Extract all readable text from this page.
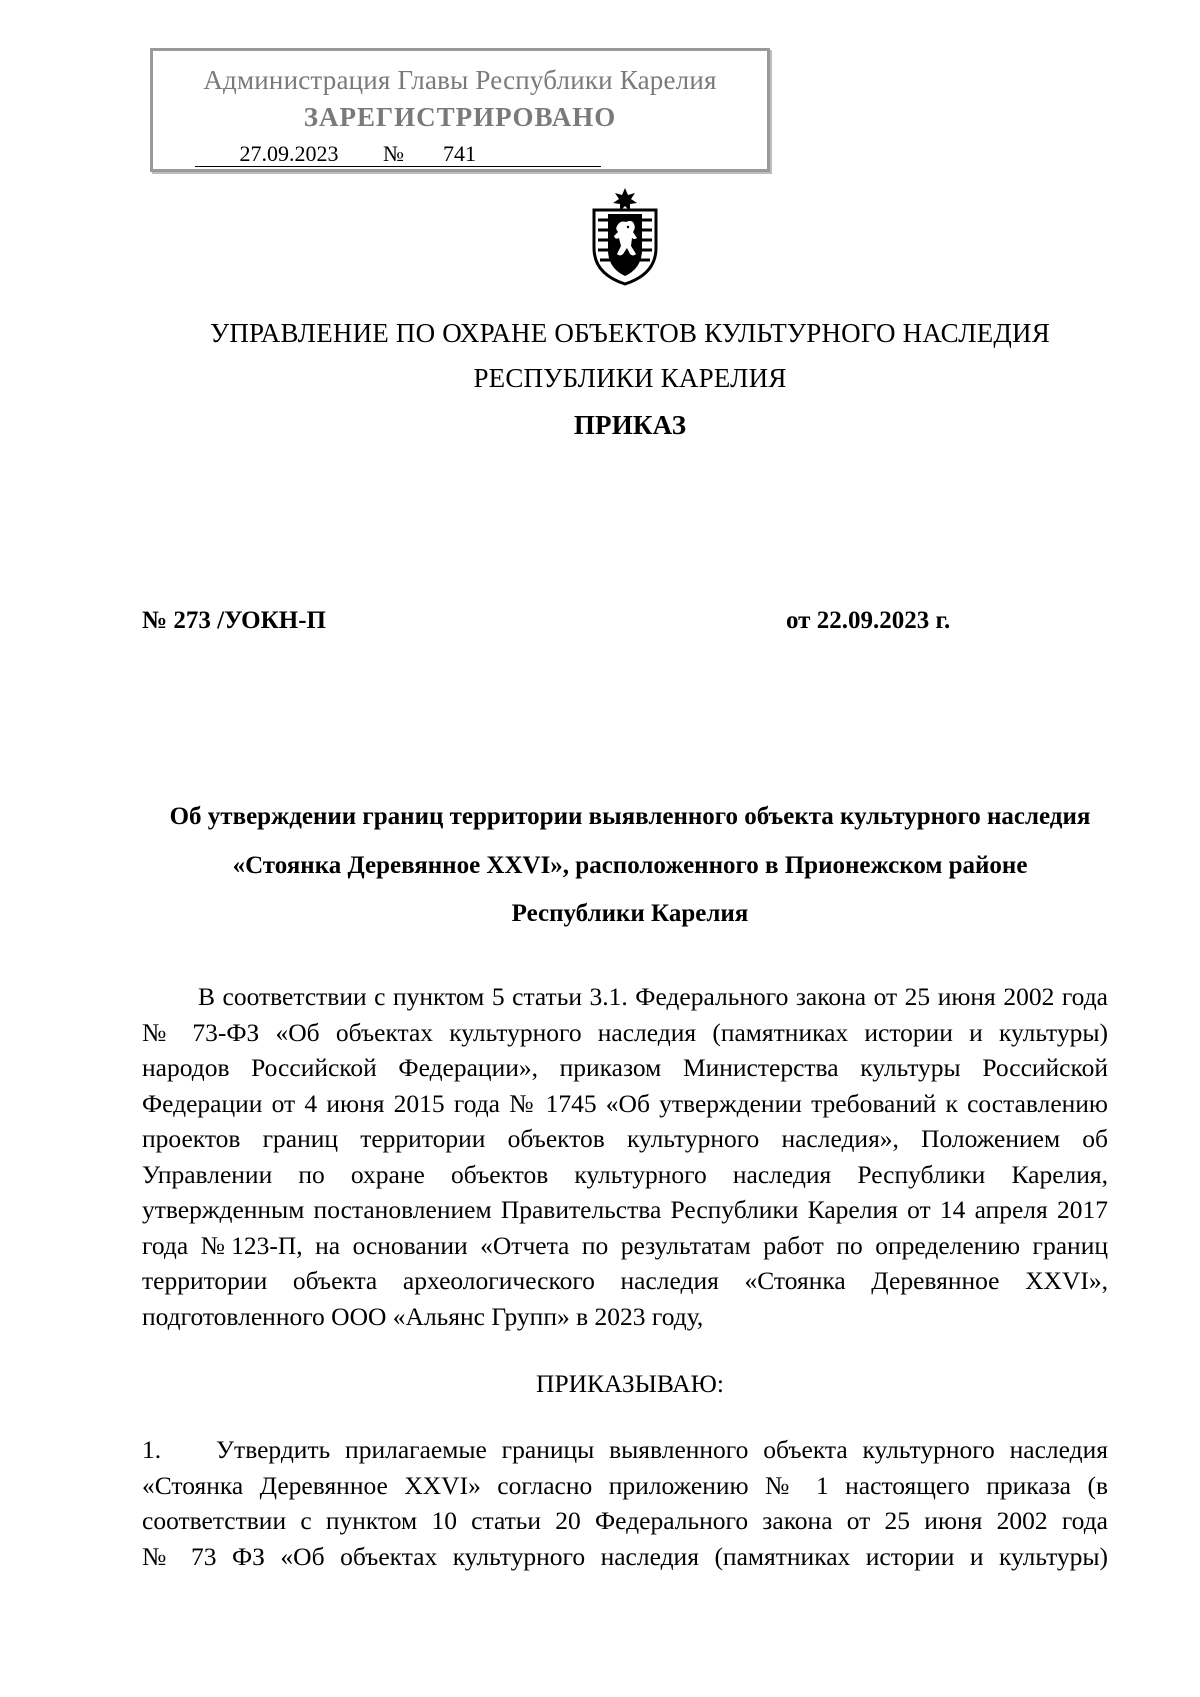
Администрация Главы Республики Карелия
ЗАРЕГИСТРИРОВАНО
27.09.2023 № 741
УПРАВЛЕНИЕ ПО ОХРАНЕ ОБЪЕКТОВ КУЛЬТУРНОГО НАСЛЕДИЯ
РЕСПУБЛИКИ КАРЕЛИЯ
ПРИКАЗ
№ 273 /УОКН-П	от 22.09.2023 г.
Об утверждении границ территории выявленного объекта культурного наследия
«Стоянка Деревянное XXVI», расположенного в Прионежском районе
Республики Карелия
В соответствии с пунктом 5 статьи 3.1. Федерального закона от 25 июня 2002 года
№ 73-ФЗ «Об объектах культурного наследия (памятниках истории и культуры)
народов Российской Федерации», приказом Министерства культуры Российской
Федерации от 4 июня 2015 года № 1745 «Об утверждении требований к составлению
проектов границ территории объектов культурного наследия», Положением об
Управлении по охране объектов культурного наследия Республики Карелия,
утвержденным постановлением Правительства Республики Карелия от 14 апреля 2017
года №123-П, на основании «Отчета по результатам работ по определению границ
территории объекта археологического наследия «Стоянка Деревянное XXVI»,
подготовленного ООО «Альянс Групп» в 2023 году,
ПРИКАЗЫВАЮ:
1. Утвердить прилагаемые границы выявленного объекта культурного наследия
«Стоянка Деревянное XXVI» согласно приложению № 1 настоящего приказа (в
соответствии с пунктом 10 статьи 20 Федерального закона от 25 июня 2002 года
№ 73 ФЗ «Об объектах культурного наследия (памятниках истории и культуры)
